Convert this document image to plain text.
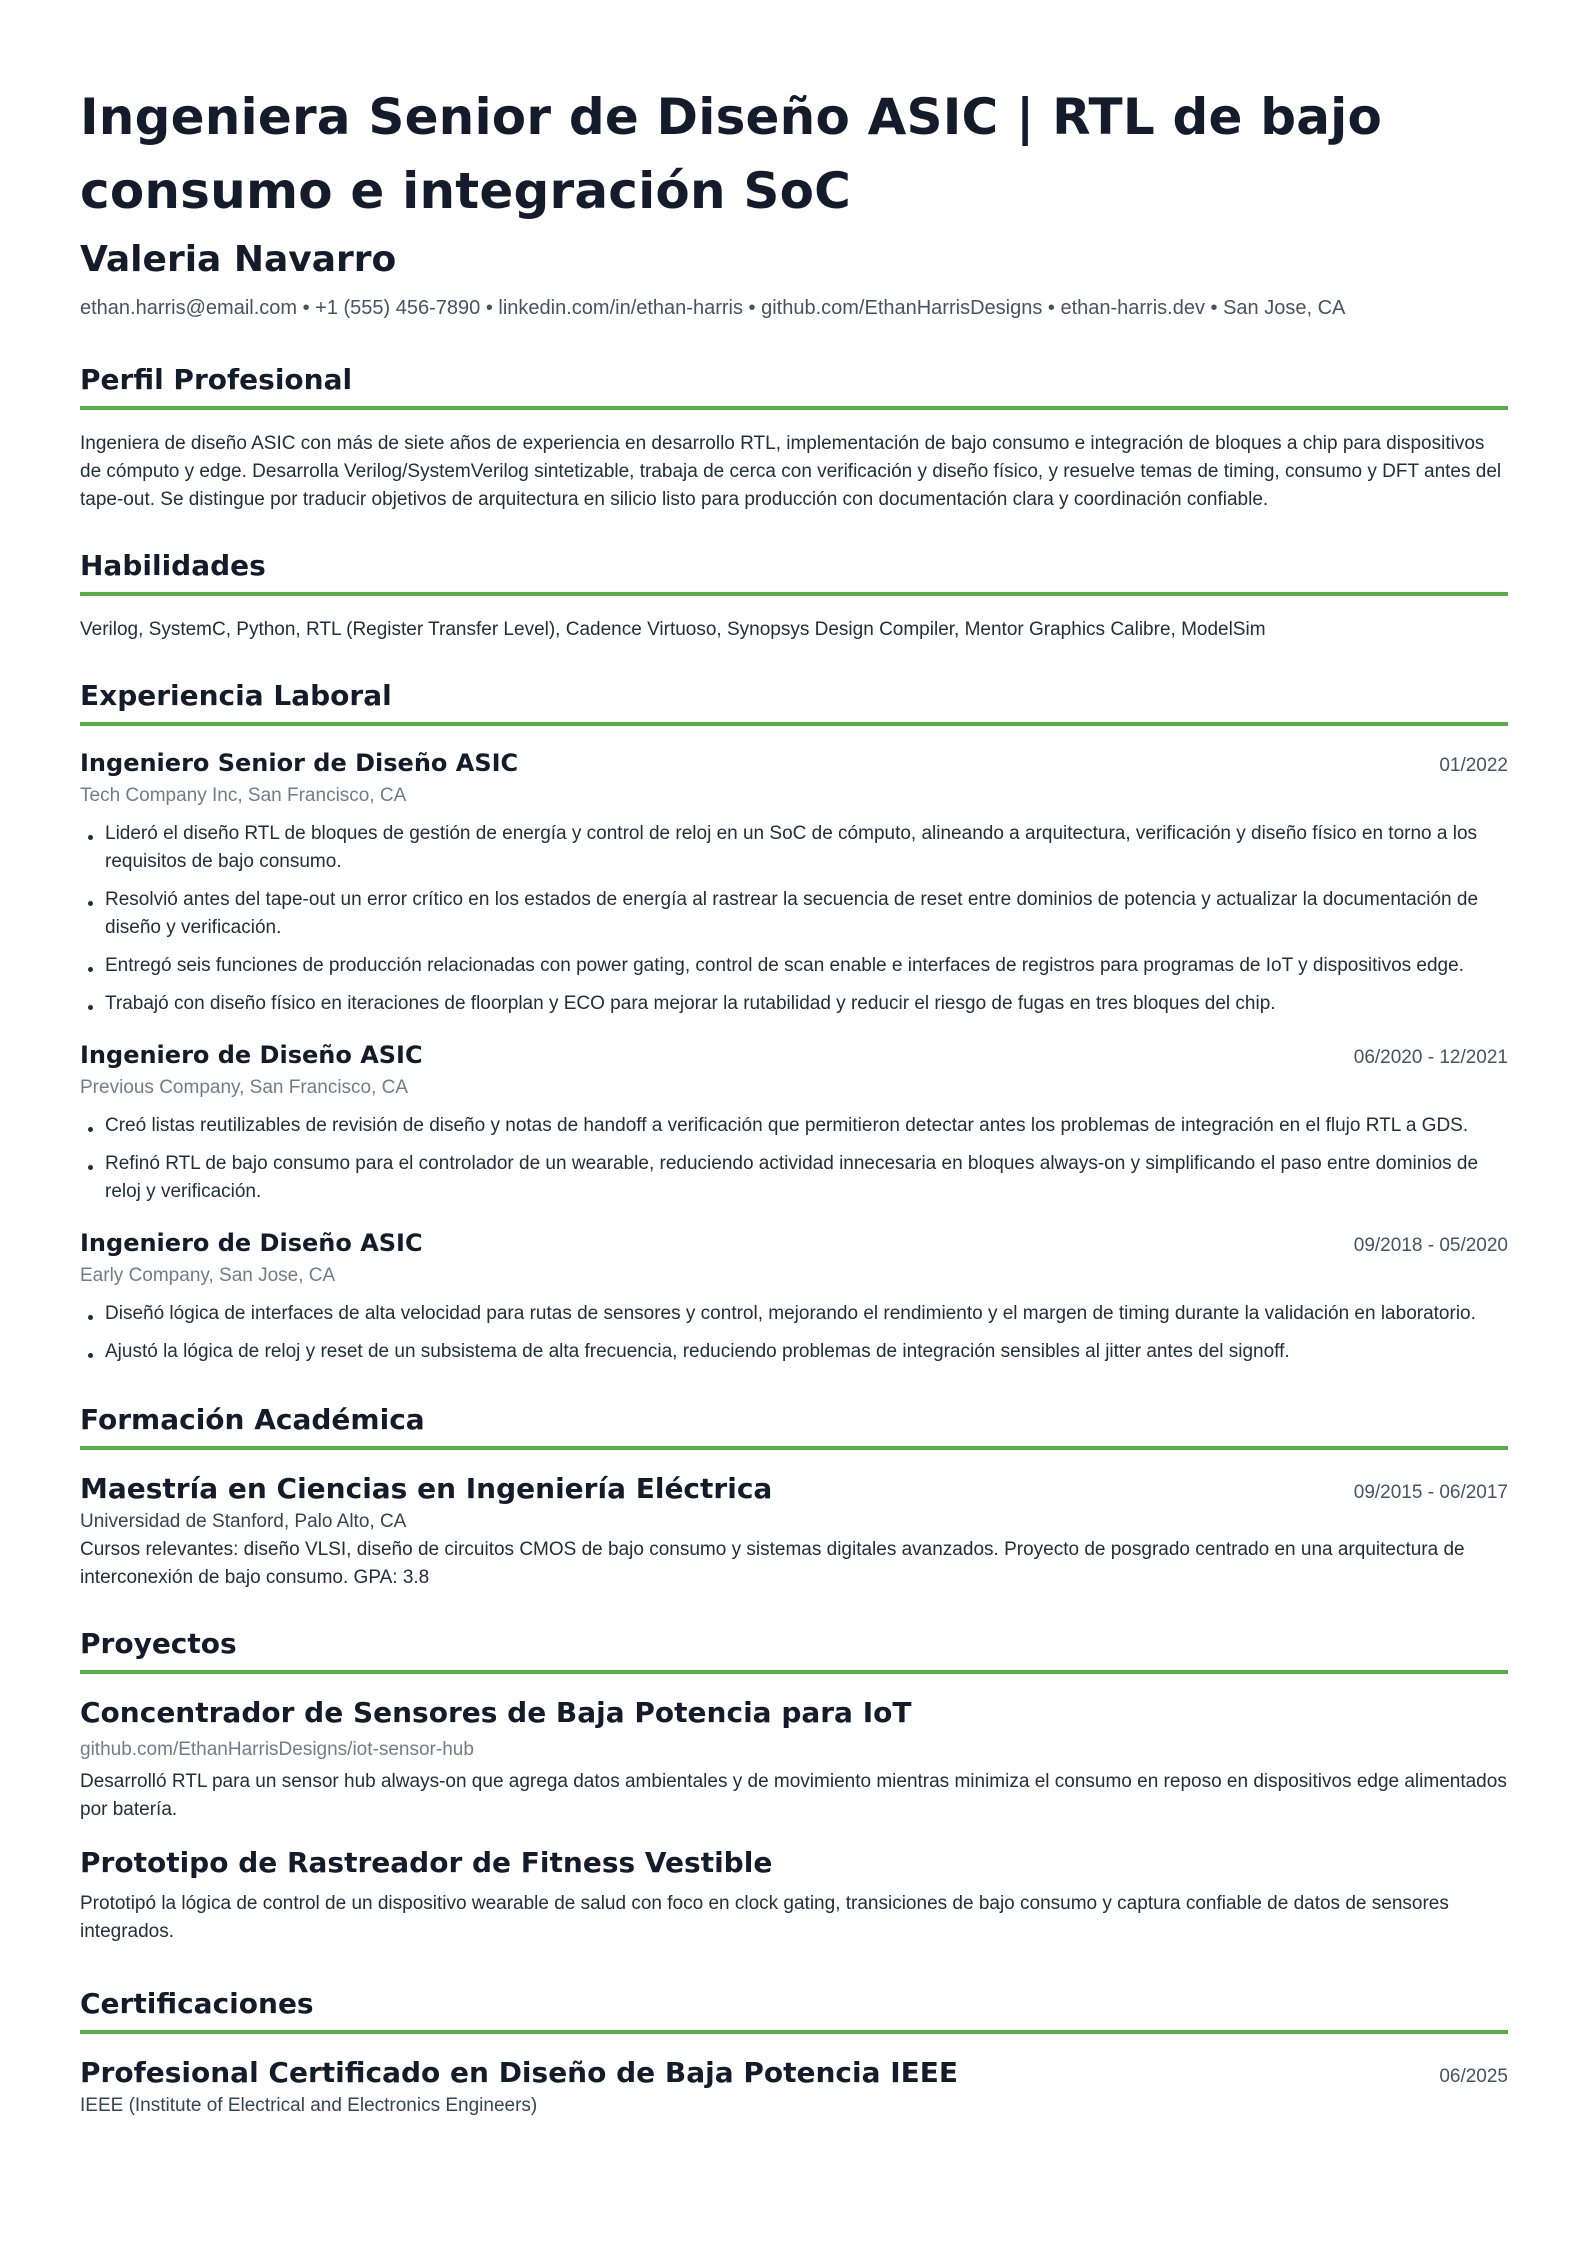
Ingeniera Senior de Diseño ASIC | RTL de bajo consumo e integración SoC
Valeria Navarro
ethan.harris@email.com • +1 (555) 456-7890 • linkedin.com/in/ethan-harris • github.com/EthanHarrisDesigns • ethan-harris.dev • San Jose, CA
Perfil Profesional

Ingeniera de diseño ASIC con más de siete años de experiencia en desarrollo RTL, implementación de bajo consumo e integración de bloques a chip para dispositivos de cómputo y edge. Desarrolla Verilog/SystemVerilog sintetizable, trabaja de cerca con verificación y diseño físico, y resuelve temas de timing, consumo y DFT antes del tape-out. Se distingue por traducir objetivos de arquitectura en silicio listo para producción con documentación clara y coordinación confiable.

Habilidades

Verilog, SystemC, Python, RTL (Register Transfer Level), Cadence Virtuoso, Synopsys Design Compiler, Mentor Graphics Calibre, ModelSim

Experiencia Laboral
Ingeniero Senior de Diseño ASIC	01/2022
Tech Company Inc, San Francisco, CA
Lideró el diseño RTL de bloques de gestión de energía y control de reloj en un SoC de cómputo, alineando a arquitectura, verificación y diseño físico en torno a los requisitos de bajo consumo.
Resolvió antes del tape-out un error crítico en los estados de energía al rastrear la secuencia de reset entre dominios de potencia y actualizar la documentación de diseño y verificación.
Entregó seis funciones de producción relacionadas con power gating, control de scan enable e interfaces de registros para programas de IoT y dispositivos edge.
Trabajó con diseño físico en iteraciones de floorplan y ECO para mejorar la rutabilidad y reducir el riesgo de fugas en tres bloques del chip.
Ingeniero de Diseño ASIC	06/2020 - 12/2021
Previous Company, San Francisco, CA
Creó listas reutilizables de revisión de diseño y notas de handoff a verificación que permitieron detectar antes los problemas de integración en el flujo RTL a GDS.
Refinó RTL de bajo consumo para el controlador de un wearable, reduciendo actividad innecesaria en bloques always-on y simplificando el paso entre dominios de reloj y verificación.
Ingeniero de Diseño ASIC	09/2018 - 05/2020
Early Company, San Jose, CA
Diseñó lógica de interfaces de alta velocidad para rutas de sensores y control, mejorando el rendimiento y el margen de timing durante la validación en laboratorio.
Ajustó la lógica de reloj y reset de un subsistema de alta frecuencia, reduciendo problemas de integración sensibles al jitter antes del signoff.
Formación Académica
Maestría en Ciencias en Ingeniería Eléctrica	09/2015 - 06/2017
Universidad de Stanford, Palo Alto, CA

Cursos relevantes: diseño VLSI, diseño de circuitos CMOS de bajo consumo y sistemas digitales avanzados. Proyecto de posgrado centrado en una arquitectura de interconexión de bajo consumo. GPA: 3.8

Proyectos
Concentrador de Sensores de Baja Potencia para IoT
github.com/EthanHarrisDesigns/iot-sensor-hub

Desarrolló RTL para un sensor hub always-on que agrega datos ambientales y de movimiento mientras minimiza el consumo en reposo en dispositivos edge alimentados por batería.

Prototipo de Rastreador de Fitness Vestible

Prototipó la lógica de control de un dispositivo wearable de salud con foco en clock gating, transiciones de bajo consumo y captura confiable de datos de sensores integrados.

Certificaciones
Profesional Certificado en Diseño de Baja Potencia IEEE	06/2025
IEEE (Institute of Electrical and Electronics Engineers)
